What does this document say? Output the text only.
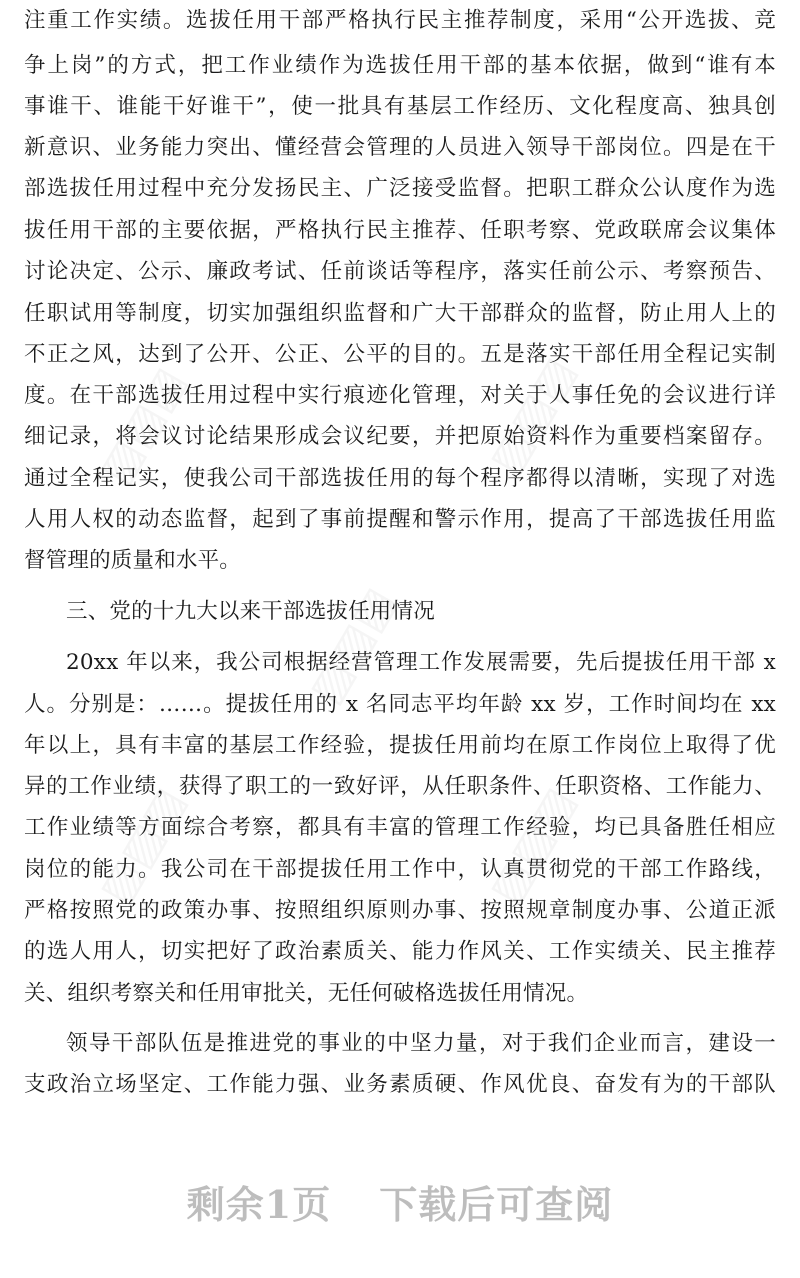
▨▨▨	▨▨▨
▨▨▨
▨▨▨	▨▨▨
注重工作实绩。选拔任用干部严格执行民主推荐制度，采用“公开选拔、竞
争上岗”的方式，把工作业绩作为选拔任用干部的基本依据，做到“谁有本
事谁干、谁能干好谁干”，使一批具有基层工作经历、文化程度高、独具创
新意识、业务能力突出、懂经营会管理的人员进入领导干部岗位。四是在干
部选拔任用过程中充分发扬民主、广泛接受监督。把职工群众公认度作为选
拔任用干部的主要依据，严格执行民主推荐、任职考察、党政联席会议集体
讨论决定、公示、廉政考试、任前谈话等程序，落实任前公示、考察预告、
任职试用等制度，切实加强组织监督和广大干部群众的监督，防止用人上的
不正之风，达到了公开、公正、公平的目的。五是落实干部任用全程记实制
度。在干部选拔任用过程中实行痕迹化管理，对关于人事任免的会议进行详
细记录，将会议讨论结果形成会议纪要，并把原始资料作为重要档案留存。
通过全程记实，使我公司干部选拔任用的每个程序都得以清晰，实现了对选
人用人权的动态监督，起到了事前提醒和警示作用，提高了干部选拔任用监
督管理的质量和水平。
三、党的十九大以来干部选拔任用情况
20xx 年以来，我公司根据经营管理工作发展需要，先后提拔任用干部 x
人。分别是：……。提拔任用的 x 名同志平均年龄 xx 岁，工作时间均在 xx
年以上，具有丰富的基层工作经验，提拔任用前均在原工作岗位上取得了优
异的工作业绩，获得了职工的一致好评，从任职条件、任职资格、工作能力、
工作业绩等方面综合考察，都具有丰富的管理工作经验，均已具备胜任相应
岗位的能力。我公司在干部提拔任用工作中，认真贯彻党的干部工作路线，
严格按照党的政策办事、按照组织原则办事、按照规章制度办事、公道正派
的选人用人，切实把好了政治素质关、能力作风关、工作实绩关、民主推荐
关、组织考察关和任用审批关，无任何破格选拔任用情况。
领导干部队伍是推进党的事业的中坚力量，对于我们企业而言，建设一
支政治立场坚定、工作能力强、业务素质硬、作风优良、奋发有为的干部队
剩余1页 下载后可查阅
